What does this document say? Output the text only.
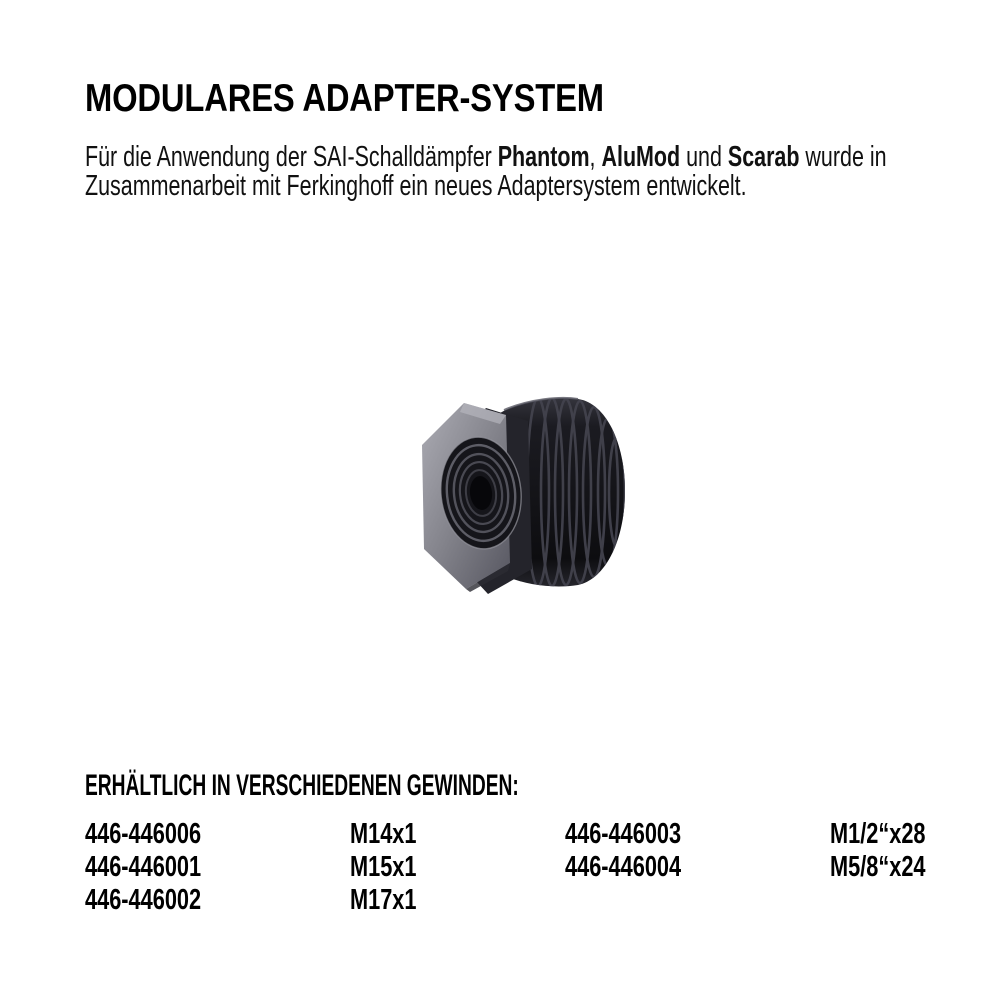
MODULARES ADAPTER-SYSTEM

Für die Anwendung der SAI-Schalldämpfer Phantom, AluMod und Scarab wurde in
Zusammenarbeit mit Ferkinghoff ein neues Adaptersystem entwickelt.

ERHÄLTLICH IN VERSCHIEDENEN GEWINDEN:
446-446006	M14x1	446-446003	M1/2“x28
446-446001	M15x1	446-446004	M5/8“x24
446-446002	M17x1
